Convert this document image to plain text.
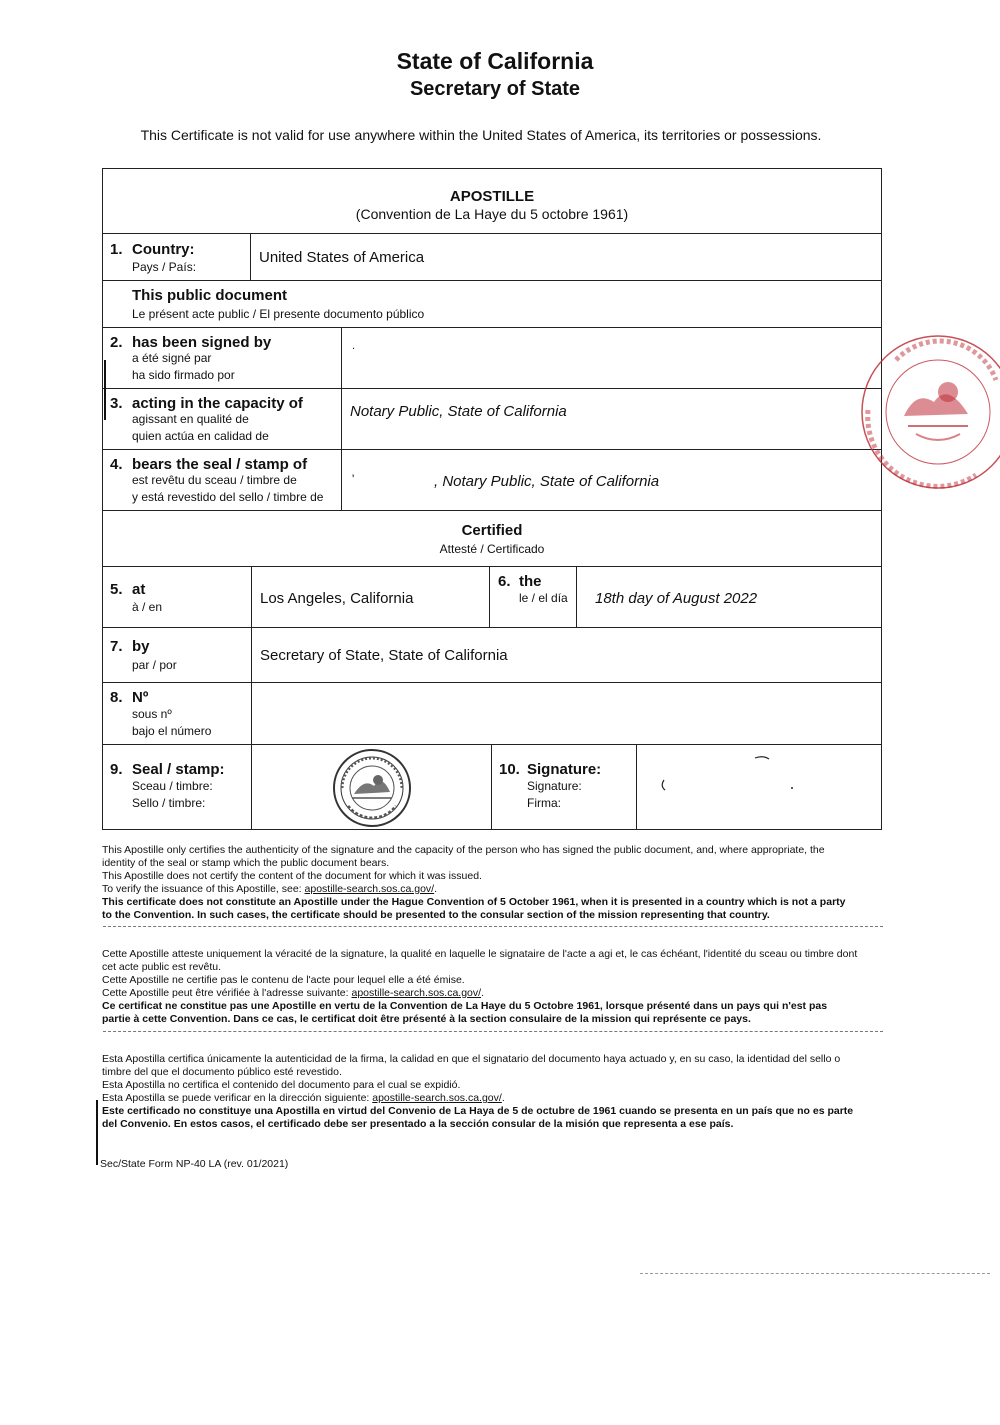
State of California
Secretary of State
This Certificate is not valid for use anywhere within the United States of America, its territories or possessions.
APOSTILLE
(Convention de La Haye du 5 octobre 1961)
1. Country:
Pays / País:
United States of America
This public document
Le présent acte public / El presente documento público
2. has been signed by
a été signé par
ha sido firmado por
.
3. acting in the capacity of
agissant en qualité de
quien actúa en calidad de
Notary Public, State of California
4. bears the seal / stamp of
est revêtu du sceau / timbre de
y está revestido del sello / timbre de
'	, Notary Public, State of California
Certified
Attesté / Certificado
5. at
à / en	Los Angeles, California
6. the
le / el día 18th day of August 2022
7. by
par / por
Secretary of State, State of California
8. Nº
sous nº
bajo el número
9. Seal / stamp:
Sceau / timbre:
Sello / timbre:
10. Signature:
Signature:
Firma:
This Apostille only certifies the authenticity of the signature and the capacity of the person who has signed the public document, and, where appropriate, the
identity of the seal or stamp which the public document bears.
This Apostille does not certify the content of the document for which it was issued.
To verify the issuance of this Apostille, see: apostille-search.sos.ca.gov/.
This certificate does not constitute an Apostille under the Hague Convention of 5 October 1961, when it is presented in a country which is not a party
to the Convention. In such cases, the certificate should be presented to the consular section of the mission representing that country.
Cette Apostille atteste uniquement la véracité de la signature, la qualité en laquelle le signataire de l'acte a agi et, le cas échéant, l'identité du sceau ou timbre dont
cet acte public est revêtu.
Cette Apostille ne certifie pas le contenu de l'acte pour lequel elle a été émise.
Cette Apostille peut être vérifiée à l'adresse suivante: apostille-search.sos.ca.gov/.
Ce certificat ne constitue pas une Apostille en vertu de la Convention de La Haye du 5 Octobre 1961, lorsque présenté dans un pays qui n'est pas
partie à cette Convention. Dans ce cas, le certificat doit être présenté à la section consulaire de la mission qui représente ce pays.
Esta Apostilla certifica únicamente la autenticidad de la firma, la calidad en que el signatario del documento haya actuado y, en su caso, la identidad del sello o
timbre del que el documento público esté revestido.
Esta Apostilla no certifica el contenido del documento para el cual se expidió.
Esta Apostilla se puede verificar en la dirección siguiente: apostille-search.sos.ca.gov/.
Este certificado no constituye una Apostilla en virtud del Convenio de La Haya de 5 de octubre de 1961 cuando se presenta en un país que no es parte
del Convenio. En estos casos, el certificado debe ser presentado a la sección consular de la misión que representa a ese país.
Sec/State Form NP-40 LA (rev. 01/2021)
